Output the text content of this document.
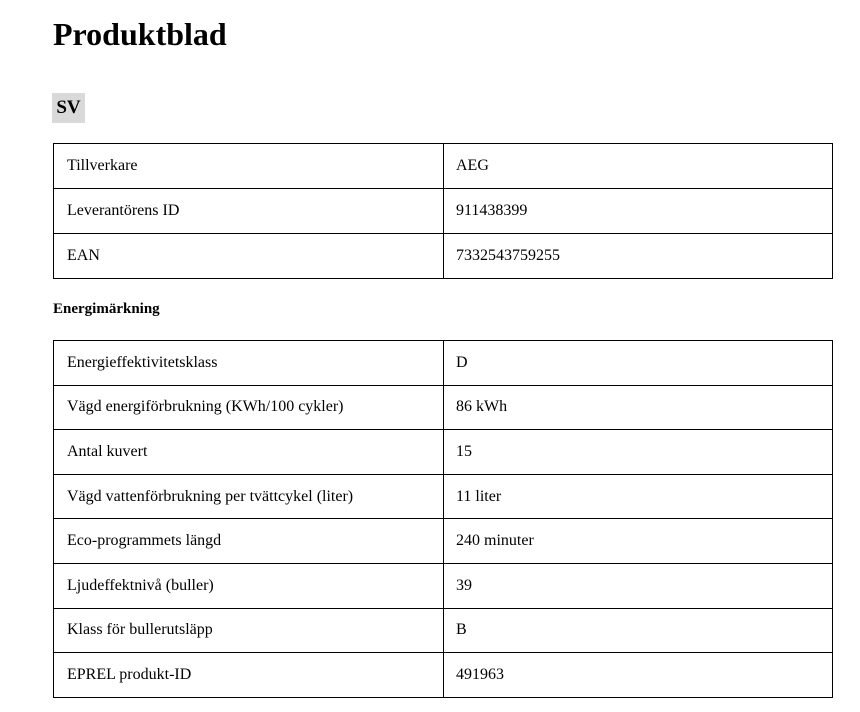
Produktblad
SV
Tillverkare	AEG
Leverantörens ID	911438399
EAN	7332543759255
Energimärkning
Energieffektivitetsklass	D
Vägd energiförbrukning (KWh/100 cykler)	86 kWh
Antal kuvert	15
Vägd vattenförbrukning per tvättcykel (liter)	11 liter
Eco-programmets längd	240 minuter
Ljudeffektnivå (buller)	39
Klass för bullerutsläpp	B
EPREL produkt-ID	491963
